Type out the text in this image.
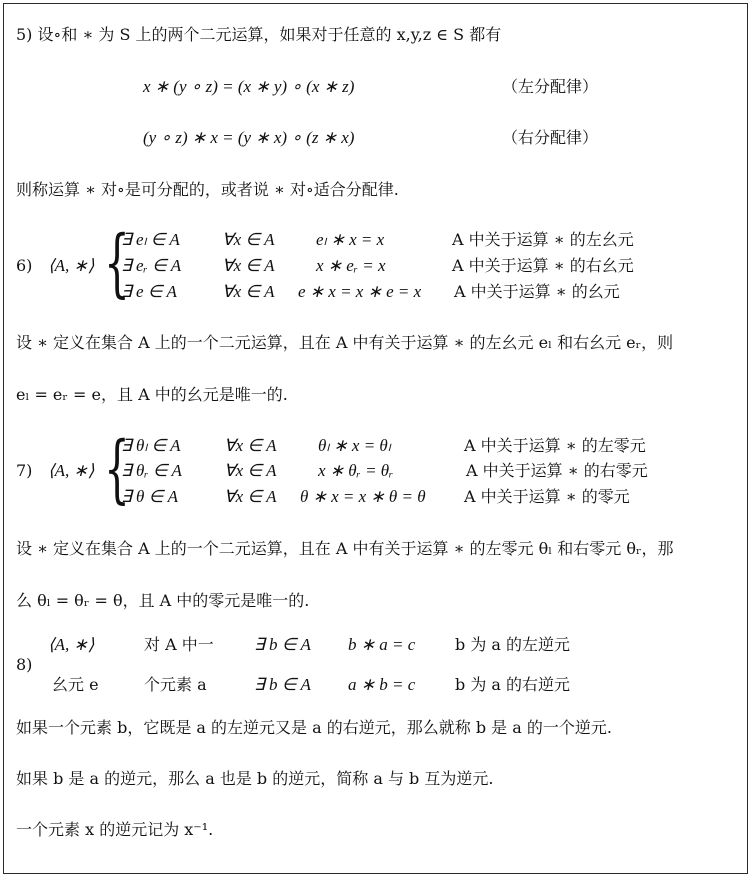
5) 设∘和 ∗ 为 S 上的两个二元运算，如果对于任意的 x,y,z ∈ S 都有
x ∗ (y ∘ z) = (x ∗ y) ∘ (x ∗ z)	（左分配律）
(y ∘ z) ∗ x = (y ∗ x) ∘ (z ∗ x)	（右分配律）
则称运算 ∗ 对∘是可分配的，或者说 ∗ 对∘适合分配律.
6) ⟨A, ∗⟩ {
∃ eₗ ∈ A ∀x ∈ A eₗ ∗ x = x	A 中关于运算 ∗ 的左幺元
∃ eᵣ ∈ A ∀x ∈ A x ∗ eᵣ = x	A 中关于运算 ∗ 的右幺元
∃ e ∈ A	∀x ∈ A e ∗ x = x ∗ e = x A 中关于运算 ∗ 的幺元
设 ∗ 定义在集合 A 上的一个二元运算，且在 A 中有关于运算 ∗ 的左幺元 eₗ 和右幺元 eᵣ，则
eₗ = eᵣ = e，且 A 中的幺元是唯一的.
7) ⟨A, ∗⟩ {
∃ θₗ ∈ A	∀x ∈ A θₗ ∗ x = θₗ	A 中关于运算 ∗ 的左零元
∃ θᵣ ∈ A ∀x ∈ A x ∗ θᵣ = θᵣ	A 中关于运算 ∗ 的右零元
∃ θ ∈ A	∀x ∈ A θ ∗ x = x ∗ θ = θ A 中关于运算 ∗ 的零元
设 ∗ 定义在集合 A 上的一个二元运算，且在 A 中有关于运算 ∗ 的左零元 θₗ 和右零元 θᵣ，那
么 θₗ = θᵣ = θ，且 A 中的零元是唯一的.
8)
⟨A, ∗⟩	对 A 中一 ∃ b ∈ A b ∗ a = c b 为 a 的左逆元
幺元 e	个元素 a	∃ b ∈ A a ∗ b = c b 为 a 的右逆元
如果一个元素 b，它既是 a 的左逆元又是 a 的右逆元，那么就称 b 是 a 的一个逆元.
如果 b 是 a 的逆元，那么 a 也是 b 的逆元，简称 a 与 b 互为逆元.
一个元素 x 的逆元记为 x⁻¹.
